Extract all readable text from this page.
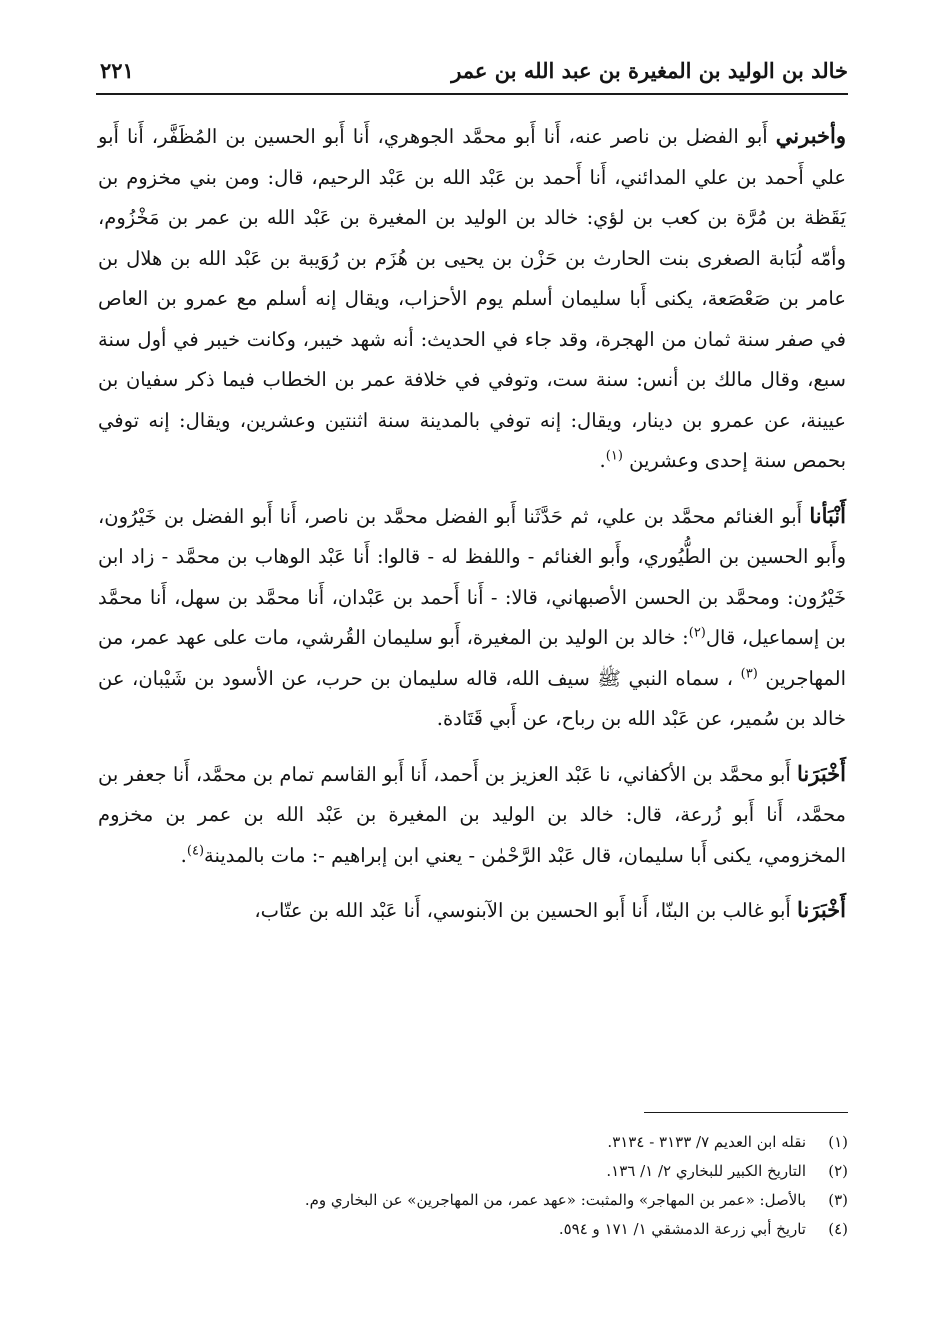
خالد بن الوليد بن المغيرة بن عبد الله بن عمر
٢٢١

وأخبرني أَبو الفضل بن ناصر عنه، أَنا أَبو محمَّد الجوهري، أَنا أَبو الحسين بن المُظَفَّر، أَنا أَبو علي أَحمد بن علي المدائني، أَنا أَحمد بن عَبْد الله بن عَبْد الرحيم، قال: ومن بني مخزوم بن يَقَظة بن مُرَّة بن كعب بن لؤي: خالد بن الوليد بن المغيرة بن عَبْد الله بن عمر بن مَخْزُوم، وأمّه لُبَابة الصغرى بنت الحارث بن حَزْن بن يحيى بن هُزَم بن رُوَيبة بن عَبْد الله بن هلال بن عامر بن صَعْصَعة، يكنى أَبا سليمان أسلم يوم الأحزاب، ويقال إنه أسلم مع عمرو بن العاص في صفر سنة ثمان من الهجرة، وقد جاء في الحديث: أنه شهد خيبر، وكانت خيبر في أول سنة سبع، وقال مالك بن أنس: سنة ست، وتوفي في خلافة عمر بن الخطاب فيما ذكر سفيان بن عيينة، عن عمرو بن دينار، ويقال: إنه توفي بالمدينة سنة اثنتين وعشرين، ويقال: إنه توفي بحمص سنة إحدى وعشرين $^{(١)}$.

أَنْبَأنا أَبو الغنائم محمَّد بن علي، ثم حَدَّثَنا أَبو الفضل محمَّد بن ناصر، أَنا أَبو الفضل بن خَيْرُون، وأَبو الحسين بن الطُّيُوري، وأَبو الغنائم - واللفظ له - قالوا: أَنا عَبْد الوهاب بن محمَّد - زاد ابن خَيْرُون: ومحمَّد بن الحسن الأصبهاني، قالا: - أَنا أَحمد بن عَبْدان، أَنا محمَّد بن سهل، أَنا محمَّد بن إسماعيل، قال$^{(٢)}$: خالد بن الوليد بن المغيرة، أَبو سليمان القُرشي، مات على عهد عمر، من المهاجرين $^{(٣)}$ ، سماه النبي ﷺ سيف الله، قاله سليمان بن حرب، عن الأسود بن شَيْبان، عن خالد بن سُمير، عن عَبْد الله بن رباح، عن أَبي قَتَادة.

أَخْبَرَنا أَبو محمَّد بن الأكفاني، نا عَبْد العزيز بن أَحمد، أَنا أَبو القاسم تمام بن محمَّد، أَنا جعفر بن محمَّد، أَنا أَبو زُرعة، قال: خالد بن الوليد بن المغيرة بن عَبْد الله بن عمر بن مخزوم المخزومي، يكنى أَبا سليمان، قال عَبْد الرَّحْمٰن - يعني ابن إبراهيم -: مات بالمدينة$^{(٤)}$.

أَخْبَرَنا أَبو غالب بن البنّا، أَنا أَبو الحسين بن الآبنوسي، أَنا عَبْد الله بن عتّاب،

(١)
نقله ابن العديم ٧/ ٣١٣٣ - ٣١٣٤.
(٢)
التاريخ الكبير للبخاري ٢/ ١/ ١٣٦.
(٣)
بالأصل: «عمر بن المهاجر» والمثبت: «عهد عمر، من المهاجرين» عن البخاري وم.
(٤)
تاريخ أبي زرعة الدمشقي ١/ ١٧١ و ٥٩٤.
